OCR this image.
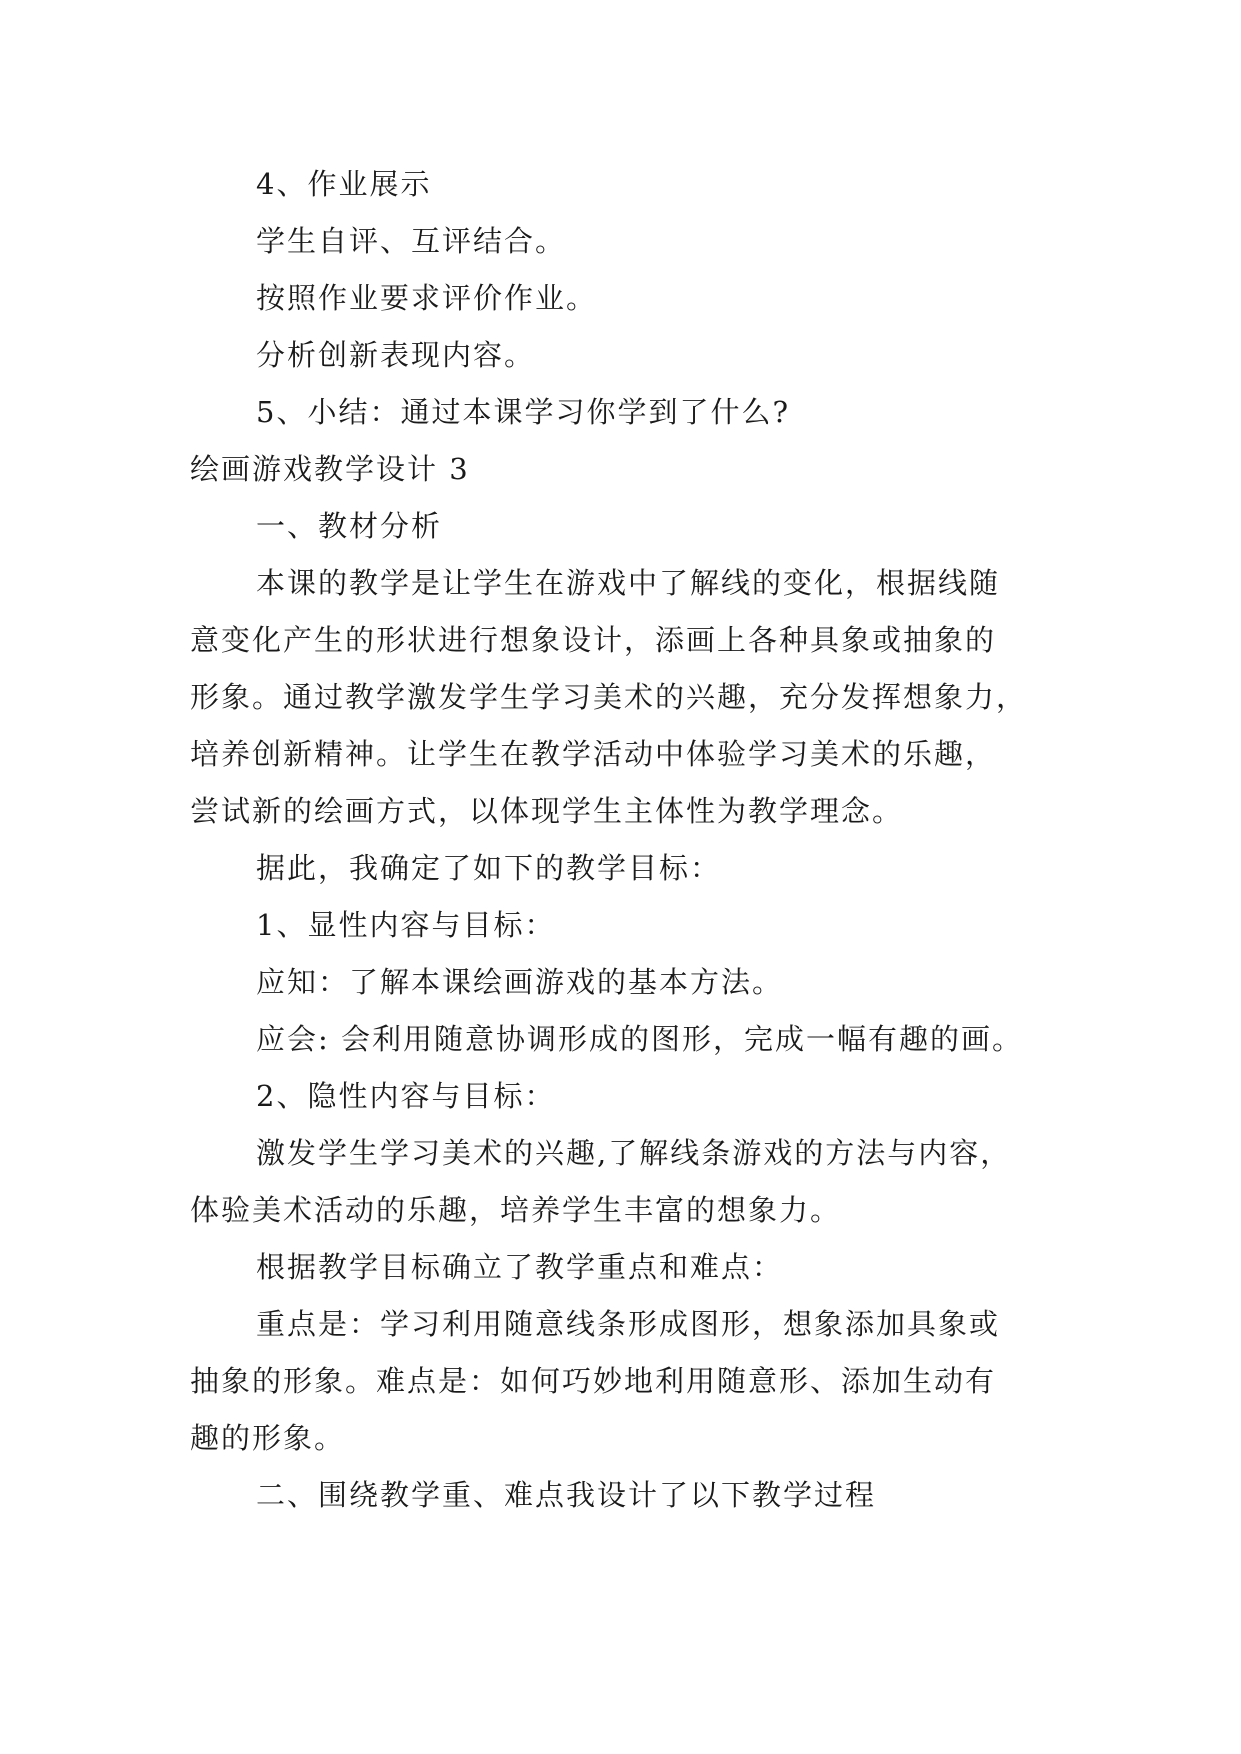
4、作业展示
学生自评、互评结合。
按照作业要求评价作业。
分析创新表现内容。
5、小结：通过本课学习你学到了什么?
绘画游戏教学设计 3
一、教材分析
本课的教学是让学生在游戏中了解线的变化，根据线随
意变化产生的形状进行想象设计，添画上各种具象或抽象的
形象。通过教学激发学生学习美术的兴趣，充分发挥想象力，
培养创新精神。让学生在教学活动中体验学习美术的乐趣，
尝试新的绘画方式，以体现学生主体性为教学理念。
据此，我确定了如下的教学目标：
1、显性内容与目标：
应知：了解本课绘画游戏的基本方法。
应会: 会利用随意协调形成的图形，完成一幅有趣的画。
2、隐性内容与目标：
激发学生学习美术的兴趣,了解线条游戏的方法与内容，
体验美术活动的乐趣，培养学生丰富的想象力。
根据教学目标确立了教学重点和难点：
重点是：学习利用随意线条形成图形，想象添加具象或
抽象的形象。难点是：如何巧妙地利用随意形、添加生动有
趣的形象。
二、围绕教学重、难点我设计了以下教学过程
